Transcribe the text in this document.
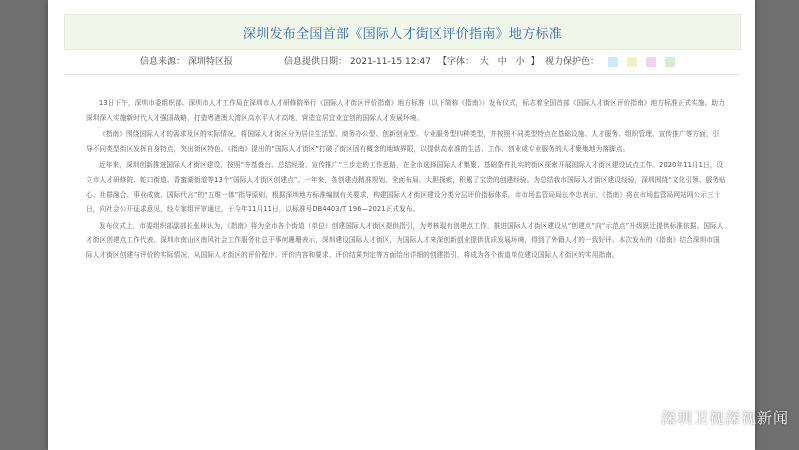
深圳发布全国首部《国际人才街区评价指南》地方标准
信息来源： 深圳特区报	信息提供日期： 2021-11-15 12:47 【字体： 大 中 小 】 视力保护色：

13日下午，深圳市委组织部、深圳市人才工作局在深圳市人才研修院举行《国际人才街区评价指南》地方标准（以下简称《指南》）发布仪式，标志着全国首部《国际人才街区评价指南》地方标准正式实施。助力深圳深入实施新时代人才强国战略，打造粤港澳大湾区高水平人才高地，营造宜居宜业宜创的国际人才发展环境。

《指南》围绕国际人才的需求及区的实际情况，将国际人才街区分为居住生活型、商务办公型、创新创业型、专业服务型四种类型，并按照不同类型特点在基础设施、人才服务、组织管理、宣传推广等方面，引导不同类型街区发挥自身特点，突出街区特色。《指南》提出的“国际人才街区”打破了街区固有概念的地域界限，以提供高水准的生活、工作、创业或专业服务的人才聚集地为落脚点。

近年来，深圳创新推进国际人才街区建设，按照“夯基叠台、总结经验、宣传推广”三步走的工作思路，在全市选择国际人才集聚、基础条件扎实的街区探索开展国际人才街区建设试点工作。2020年11月1日，设立市人才研修院、蛇口街道、香蜜湖街道等13个“国际人才街区创建点”。一年来，各创建点精准规划、全面布局、大胆探索，积累了宝贵的创建经验。为总结我市国际人才街区建设经验，深圳围绕“文化引领、服务贴心、社群融合、事业成就、国际代言”的“五维一体”指导原则，根据深圳地方标准编制有关要求，构建国际人才街区建设分类分层评价指标体系。市市场监管局局长李忠表示，《指南》将在市场监管局网站网公示三十日，向社会公开征求意见，经专家组评审通过，于今年11月11日，以标准号DB4403/T 196—2021正式发布。

发布仪式上，市委组织部副部长张林认为，《指南》将为全市各个街道（单位）创建国际人才街区提供指引，为考核现有创建点工作，推进国际人才街区建设从“创建点”向“示范点”升级跃迁提供标准依据。国际人才街区创建点工作代表、深圳市南山区南风社会工作服务社总干事何珊珊表示，深圳建设国际人才街区，为国际人才来深创新创业提供优质发展环境，得到了外籍人才的一致好评。本次发布的《指南》结合深圳市国际人才街区创建与评价的实际情况，从国际人才街区的评价程序、评价内容和要求、评价结果判定等方面给出详细的创建指引，将成为各个街道单位建设国际人才街区的实用指南。

深圳卫视深视新闻
